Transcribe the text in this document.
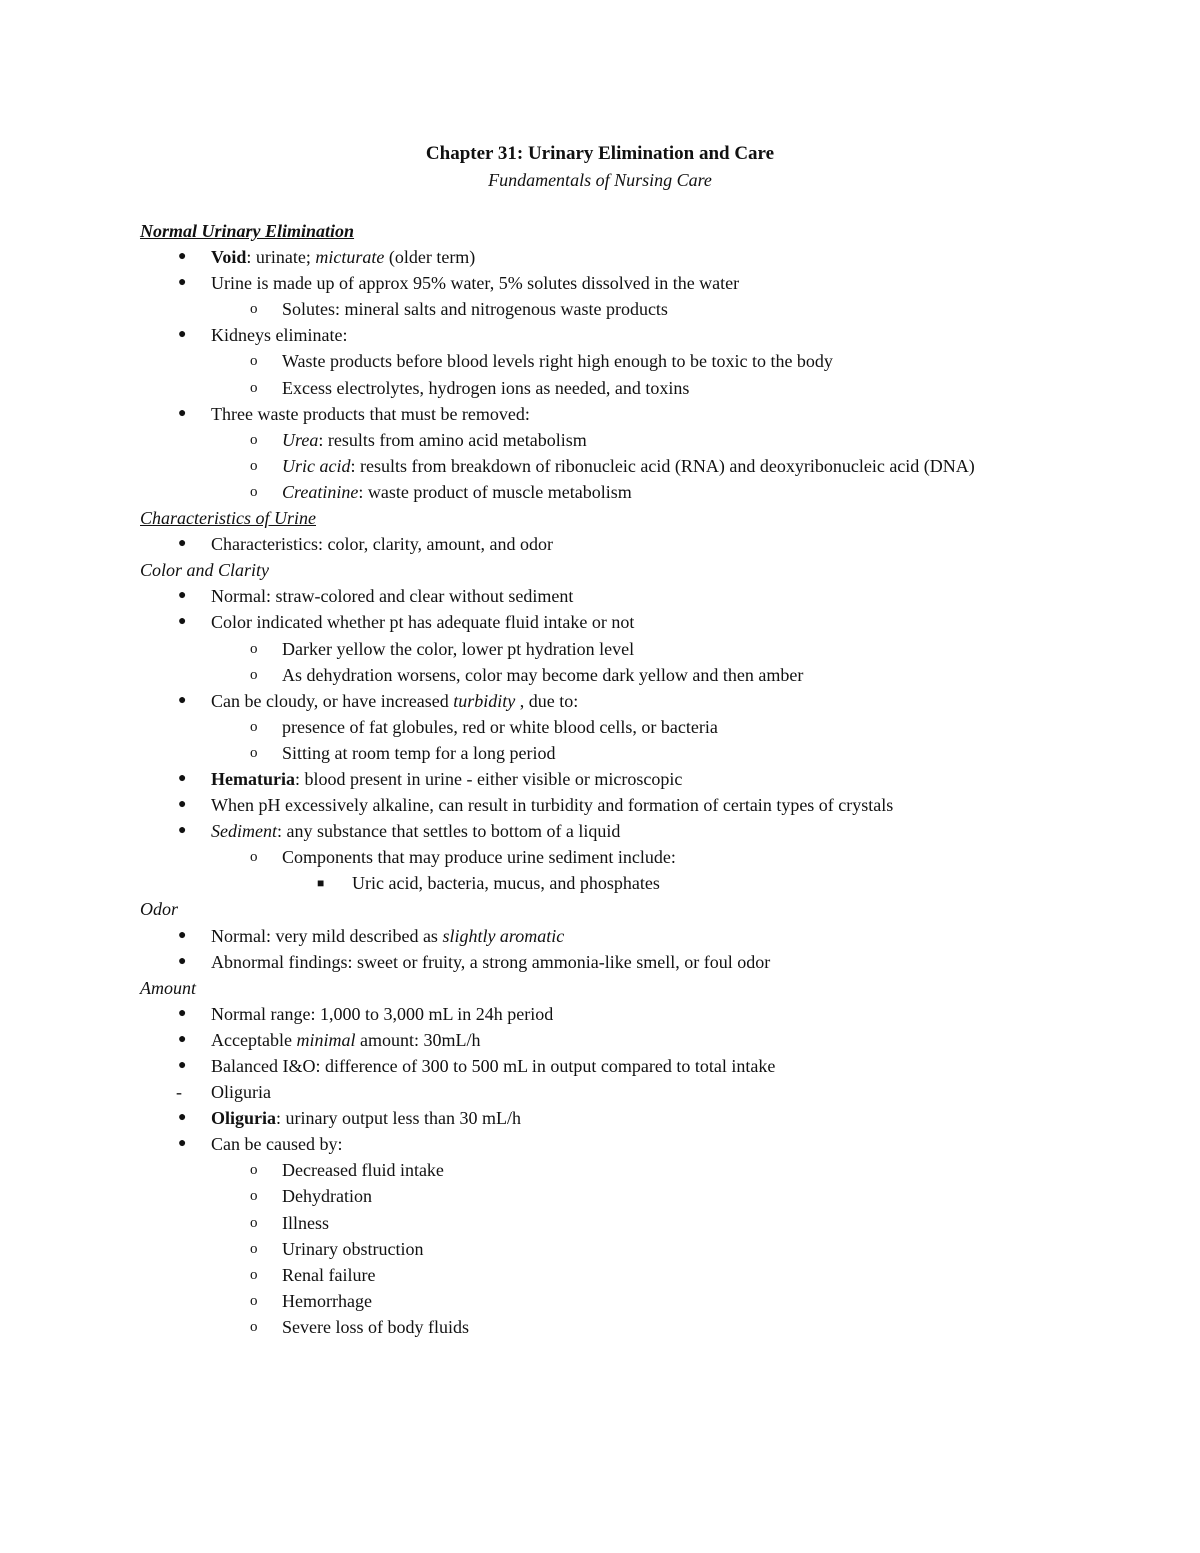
Chapter 31: Urinary Elimination and Care
Fundamentals of Nursing Care
Normal Urinary Elimination
● Void: urinate; micturate (older term)
● Urine is made up of approx 95% water, 5% solutes dissolved in the water
o Solutes: mineral salts and nitrogenous waste products
● Kidneys eliminate:
o Waste products before blood levels right high enough to be toxic to the body
o Excess electrolytes, hydrogen ions as needed, and toxins
● Three waste products that must be removed:
o Urea: results from amino acid metabolism
o Uric acid: results from breakdown of ribonucleic acid (RNA) and deoxyribonucleic acid (DNA)
o Creatinine: waste product of muscle metabolism
Characteristics of Urine
● Characteristics: color, clarity, amount, and odor
Color and Clarity
● Normal: straw-colored and clear without sediment
● Color indicated whether pt has adequate fluid intake or not
o Darker yellow the color, lower pt hydration level
o As dehydration worsens, color may become dark yellow and then amber
● Can be cloudy, or have increased turbidity , due to:
o presence of fat globules, red or white blood cells, or bacteria
o Sitting at room temp for a long period
● Hematuria: blood present in urine - either visible or microscopic
● When pH excessively alkaline, can result in turbidity and formation of certain types of crystals
● Sediment: any substance that settles to bottom of a liquid
o Components that may produce urine sediment include:
■ Uric acid, bacteria, mucus, and phosphates
Odor
● Normal: very mild described as slightly aromatic
● Abnormal findings: sweet or fruity, a strong ammonia-like smell, or foul odor
Amount
● Normal range: 1,000 to 3,000 mL in 24h period
● Acceptable minimal amount: 30mL/h
● Balanced I&O: difference of 300 to 500 mL in output compared to total intake
- Oliguria
● Oliguria: urinary output less than 30 mL/h
● Can be caused by:
o Decreased fluid intake
o Dehydration
o Illness
o Urinary obstruction
o Renal failure
o Hemorrhage
o Severe loss of body fluids
